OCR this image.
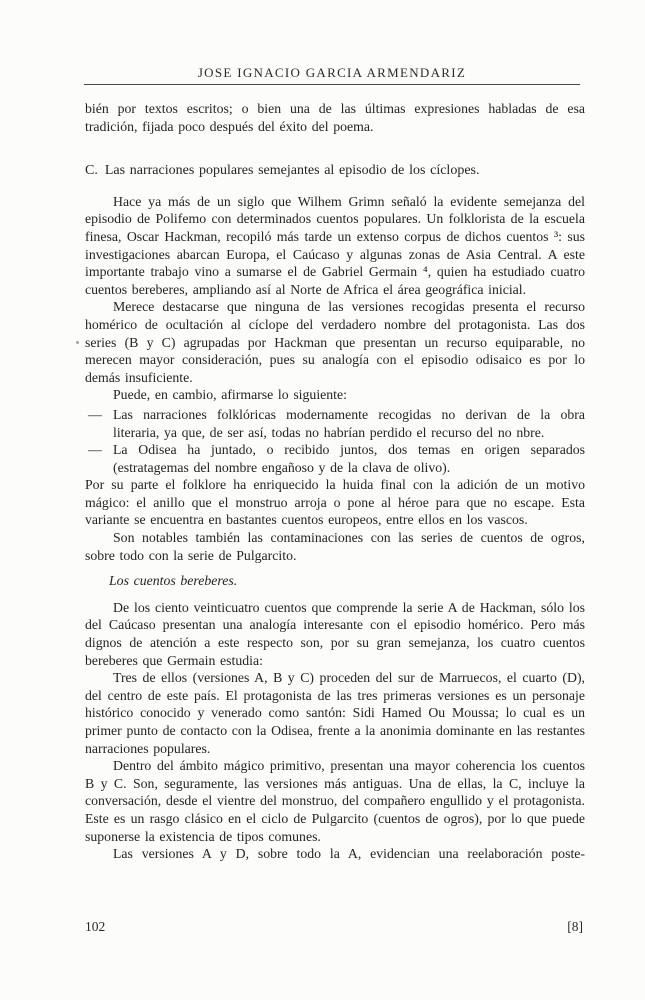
JOSE IGNACIO GARCIA ARMENDARIZ

bién por textos escritos; o bien una de las últimas expresiones habladas de esa tradición, fijada poco después del éxito del poema.

C. Las narraciones populares semejantes al episodio de los cíclopes.

Hace ya más de un siglo que Wilhem Grimn señaló la evidente semejanza del episodio de Polifemo con determinados cuentos populares. Un folklorista de la escuela finesa, Oscar Hackman, recopiló más tarde un extenso corpus de dichos cuentos ³: sus investigaciones abarcan Europa, el Caúcaso y algunas zonas de Asia Central. A este importante trabajo vino a sumarse el de Gabriel Germain ⁴, quien ha estudiado cuatro cuentos bereberes, ampliando así al Norte de Africa el área geográfica inicial.

Merece destacarse que ninguna de las versiones recogidas presenta el recurso homérico de ocultación al cíclope del verdadero nombre del protagonista. Las dos series (B y C) agrupadas por Hackman que presentan un recurso equiparable, no merecen mayor consideración, pues su analogía con el episodio odisaico es por lo demás insuficiente.

Puede, en cambio, afirmarse lo siguiente:

— Las narraciones folklóricas modernamente recogidas no derivan de la obra literaria, ya que, de ser así, todas no habrían perdido el recurso del no nbre.
— La Odisea ha juntado, o recibido juntos, dos temas en origen separados (estratagemas del nombre engañoso y de la clava de olivo).

Por su parte el folklore ha enriquecido la huida final con la adición de un motivo mágico: el anillo que el monstruo arroja o pone al héroe para que no escape. Esta variante se encuentra en bastantes cuentos europeos, entre ellos en los vascos.

Son notables también las contaminaciones con las series de cuentos de ogros, sobre todo con la serie de Pulgarcito.

Los cuentos bereberes.

De los ciento veinticuatro cuentos que comprende la serie A de Hackman, sólo los del Caúcaso presentan una analogía interesante con el episodio homérico. Pero más dignos de atención a este respecto son, por su gran semejanza, los cuatro cuentos bereberes que Germain estudia:

Tres de ellos (versiones A, B y C) proceden del sur de Marruecos, el cuarto (D), del centro de este país. El protagonista de las tres primeras versiones es un personaje histórico conocido y venerado como santón: Sidi Hamed Ou Moussa; lo cual es un primer punto de contacto con la Odisea, frente a la anonimia dominante en las restantes narraciones populares.

Dentro del ámbito mágico primitivo, presentan una mayor coherencia los cuentos B y C. Son, seguramente, las versiones más antiguas. Una de ellas, la C, incluye la conversación, desde el vientre del monstruo, del compañero engullido y el protagonista. Este es un rasgo clásico en el ciclo de Pulgarcito (cuentos de ogros), por lo que puede suponerse la existencia de tipos comunes.

Las versiones A y D, sobre todo la A, evidencian una reelaboración poste-

102	[8]
